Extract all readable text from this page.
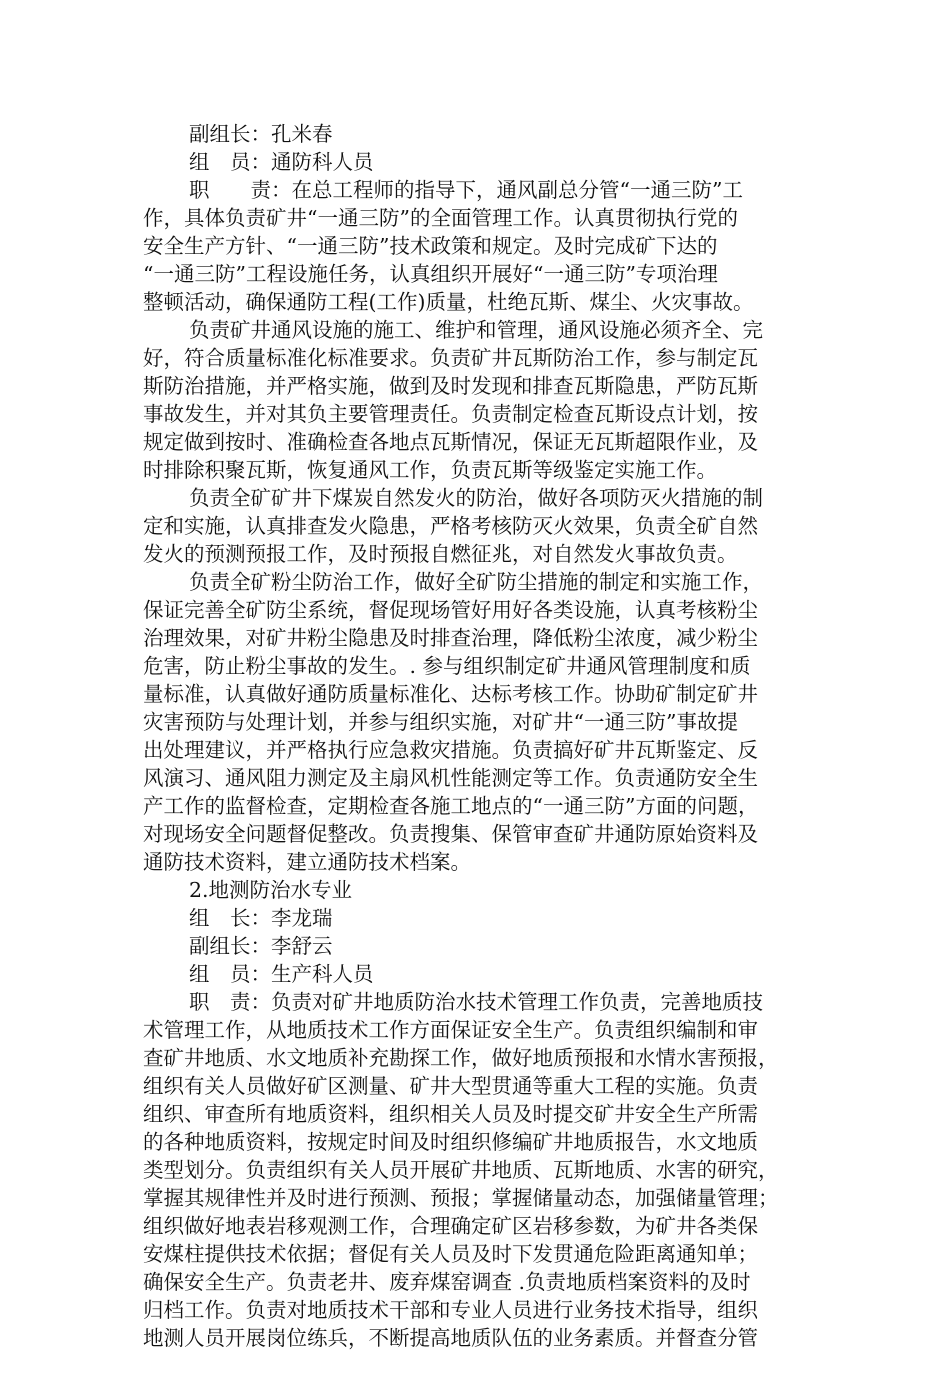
副组长：孔米春
组　员：通防科人员
职　　责：在总工程师的指导下，通风副总分管“一通三防”工
作，具体负责矿井“一通三防”的全面管理工作。认真贯彻执行党的
安全生产方针、“一通三防”技术政策和规定。及时完成矿下达的
“一通三防”工程设施任务，认真组织开展好“一通三防”专项治理
整顿活动，确保通防工程(工作)质量，杜绝瓦斯、煤尘、火灾事故。
负责矿井通风设施的施工、维护和管理，通风设施必须齐全、完
好，符合质量标准化标准要求。负责矿井瓦斯防治工作，参与制定瓦
斯防治措施，并严格实施，做到及时发现和排查瓦斯隐患，严防瓦斯
事故发生，并对其负主要管理责任。负责制定检查瓦斯设点计划，按
规定做到按时、准确检查各地点瓦斯情况，保证无瓦斯超限作业，及
时排除积聚瓦斯，恢复通风工作，负责瓦斯等级鉴定实施工作。
负责全矿矿井下煤炭自然发火的防治，做好各项防灭火措施的制
定和实施，认真排查发火隐患，严格考核防灭火效果，负责全矿自然
发火的预测预报工作，及时预报自燃征兆，对自然发火事故负责。
负责全矿粉尘防治工作，做好全矿防尘措施的制定和实施工作，
保证完善全矿防尘系统，督促现场管好用好各类设施，认真考核粉尘
治理效果，对矿井粉尘隐患及时排查治理，降低粉尘浓度，减少粉尘
危害，防止粉尘事故的发生。. 参与组织制定矿井通风管理制度和质
量标准，认真做好通防质量标准化、达标考核工作。协助矿制定矿井
灾害预防与处理计划，并参与组织实施，对矿井“一通三防”事故提
出处理建议，并严格执行应急救灾措施。负责搞好矿井瓦斯鉴定、反
风演习、通风阻力测定及主扇风机性能测定等工作。负责通防安全生
产工作的监督检查，定期检查各施工地点的“一通三防”方面的问题，
对现场安全问题督促整改。负责搜集、保管审查矿井通防原始资料及
通防技术资料，建立通防技术档案。
2.地测防治水专业
组　长：李龙瑞
副组长：李舒云
组　员：生产科人员
职　责：负责对矿井地质防治水技术管理工作负责，完善地质技
术管理工作，从地质技术工作方面保证安全生产。负责组织编制和审
查矿井地质、水文地质补充勘探工作，做好地质预报和水情水害预报，
组织有关人员做好矿区测量、矿井大型贯通等重大工程的实施。负责
组织、审查所有地质资料，组织相关人员及时提交矿井安全生产所需
的各种地质资料，按规定时间及时组织修编矿井地质报告，水文地质
类型划分。负责组织有关人员开展矿井地质、瓦斯地质、水害的研究，
掌握其规律性并及时进行预测、预报；掌握储量动态，加强储量管理；
组织做好地表岩移观测工作，合理确定矿区岩移参数，为矿井各类保
安煤柱提供技术依据；督促有关人员及时下发贯通危险距离通知单；
确保安全生产。负责老井、废弃煤窑调查 .负责地质档案资料的及时
归档工作。负责对地质技术干部和专业人员进行业务技术指导，组织
地测人员开展岗位练兵，不断提高地质队伍的业务素质。并督查分管
